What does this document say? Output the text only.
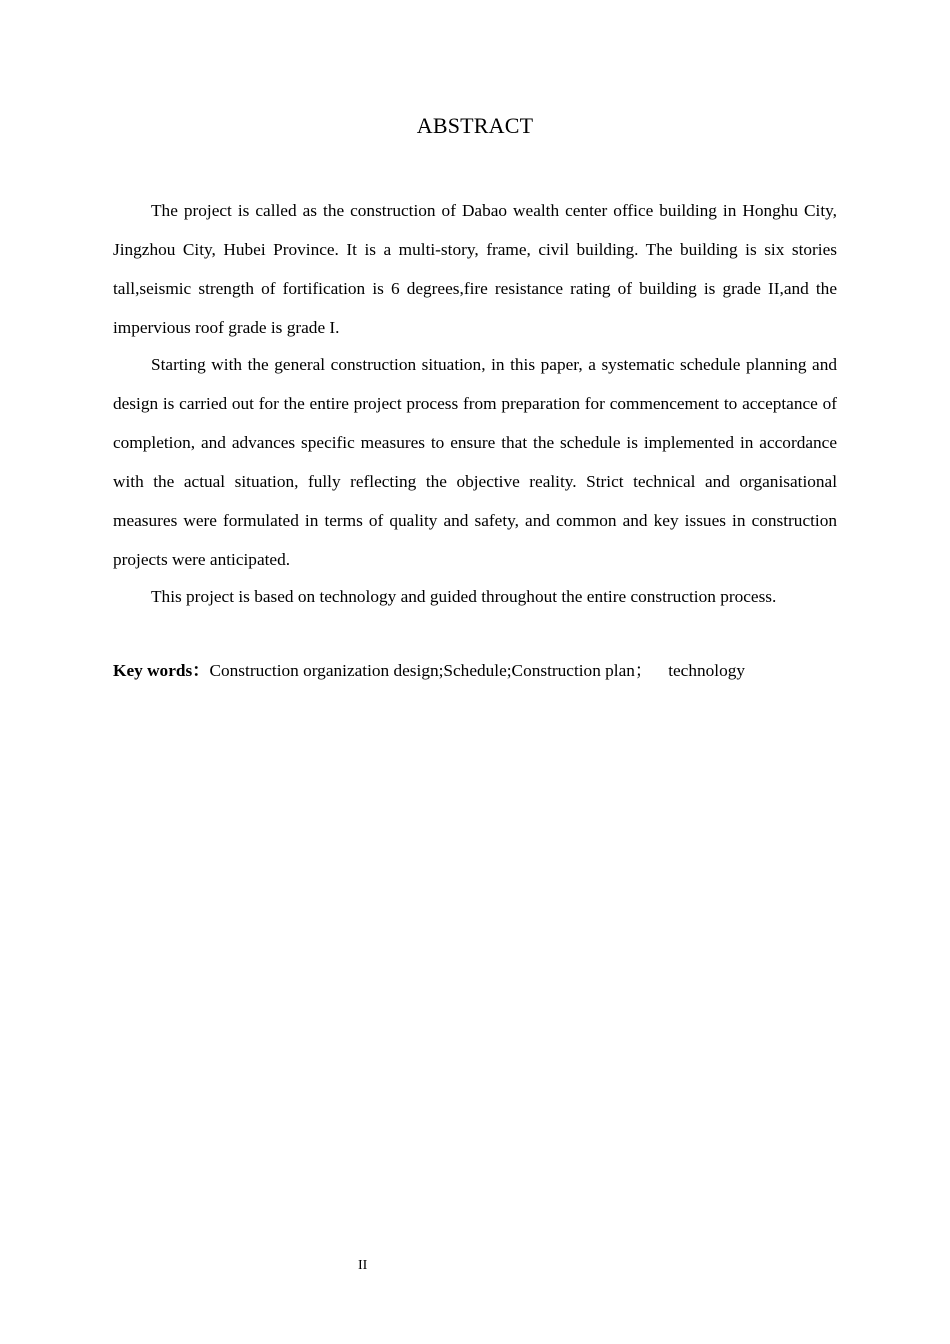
ABSTRACT

The project is called as the construction of Dabao wealth center office building in Honghu City, Jingzhou City, Hubei Province. It is a multi-story, frame, civil building. The building is six stories tall,seismic strength of fortification is 6 degrees,fire resistance rating of building is grade II,and the impervious roof grade is grade I.

Starting with the general construction situation, in this paper, a systematic schedule planning and design is carried out for the entire project process from preparation for commencement to acceptance of completion, and advances specific measures to ensure that the schedule is implemented in accordance with the actual situation, fully reflecting the objective reality. Strict technical and organisational measures were formulated in terms of quality and safety, and common and key issues in construction projects were anticipated.

This project is based on technology and guided throughout the entire construction process.

Key words：Construction organization design;Schedule;Construction plan； technology
II
